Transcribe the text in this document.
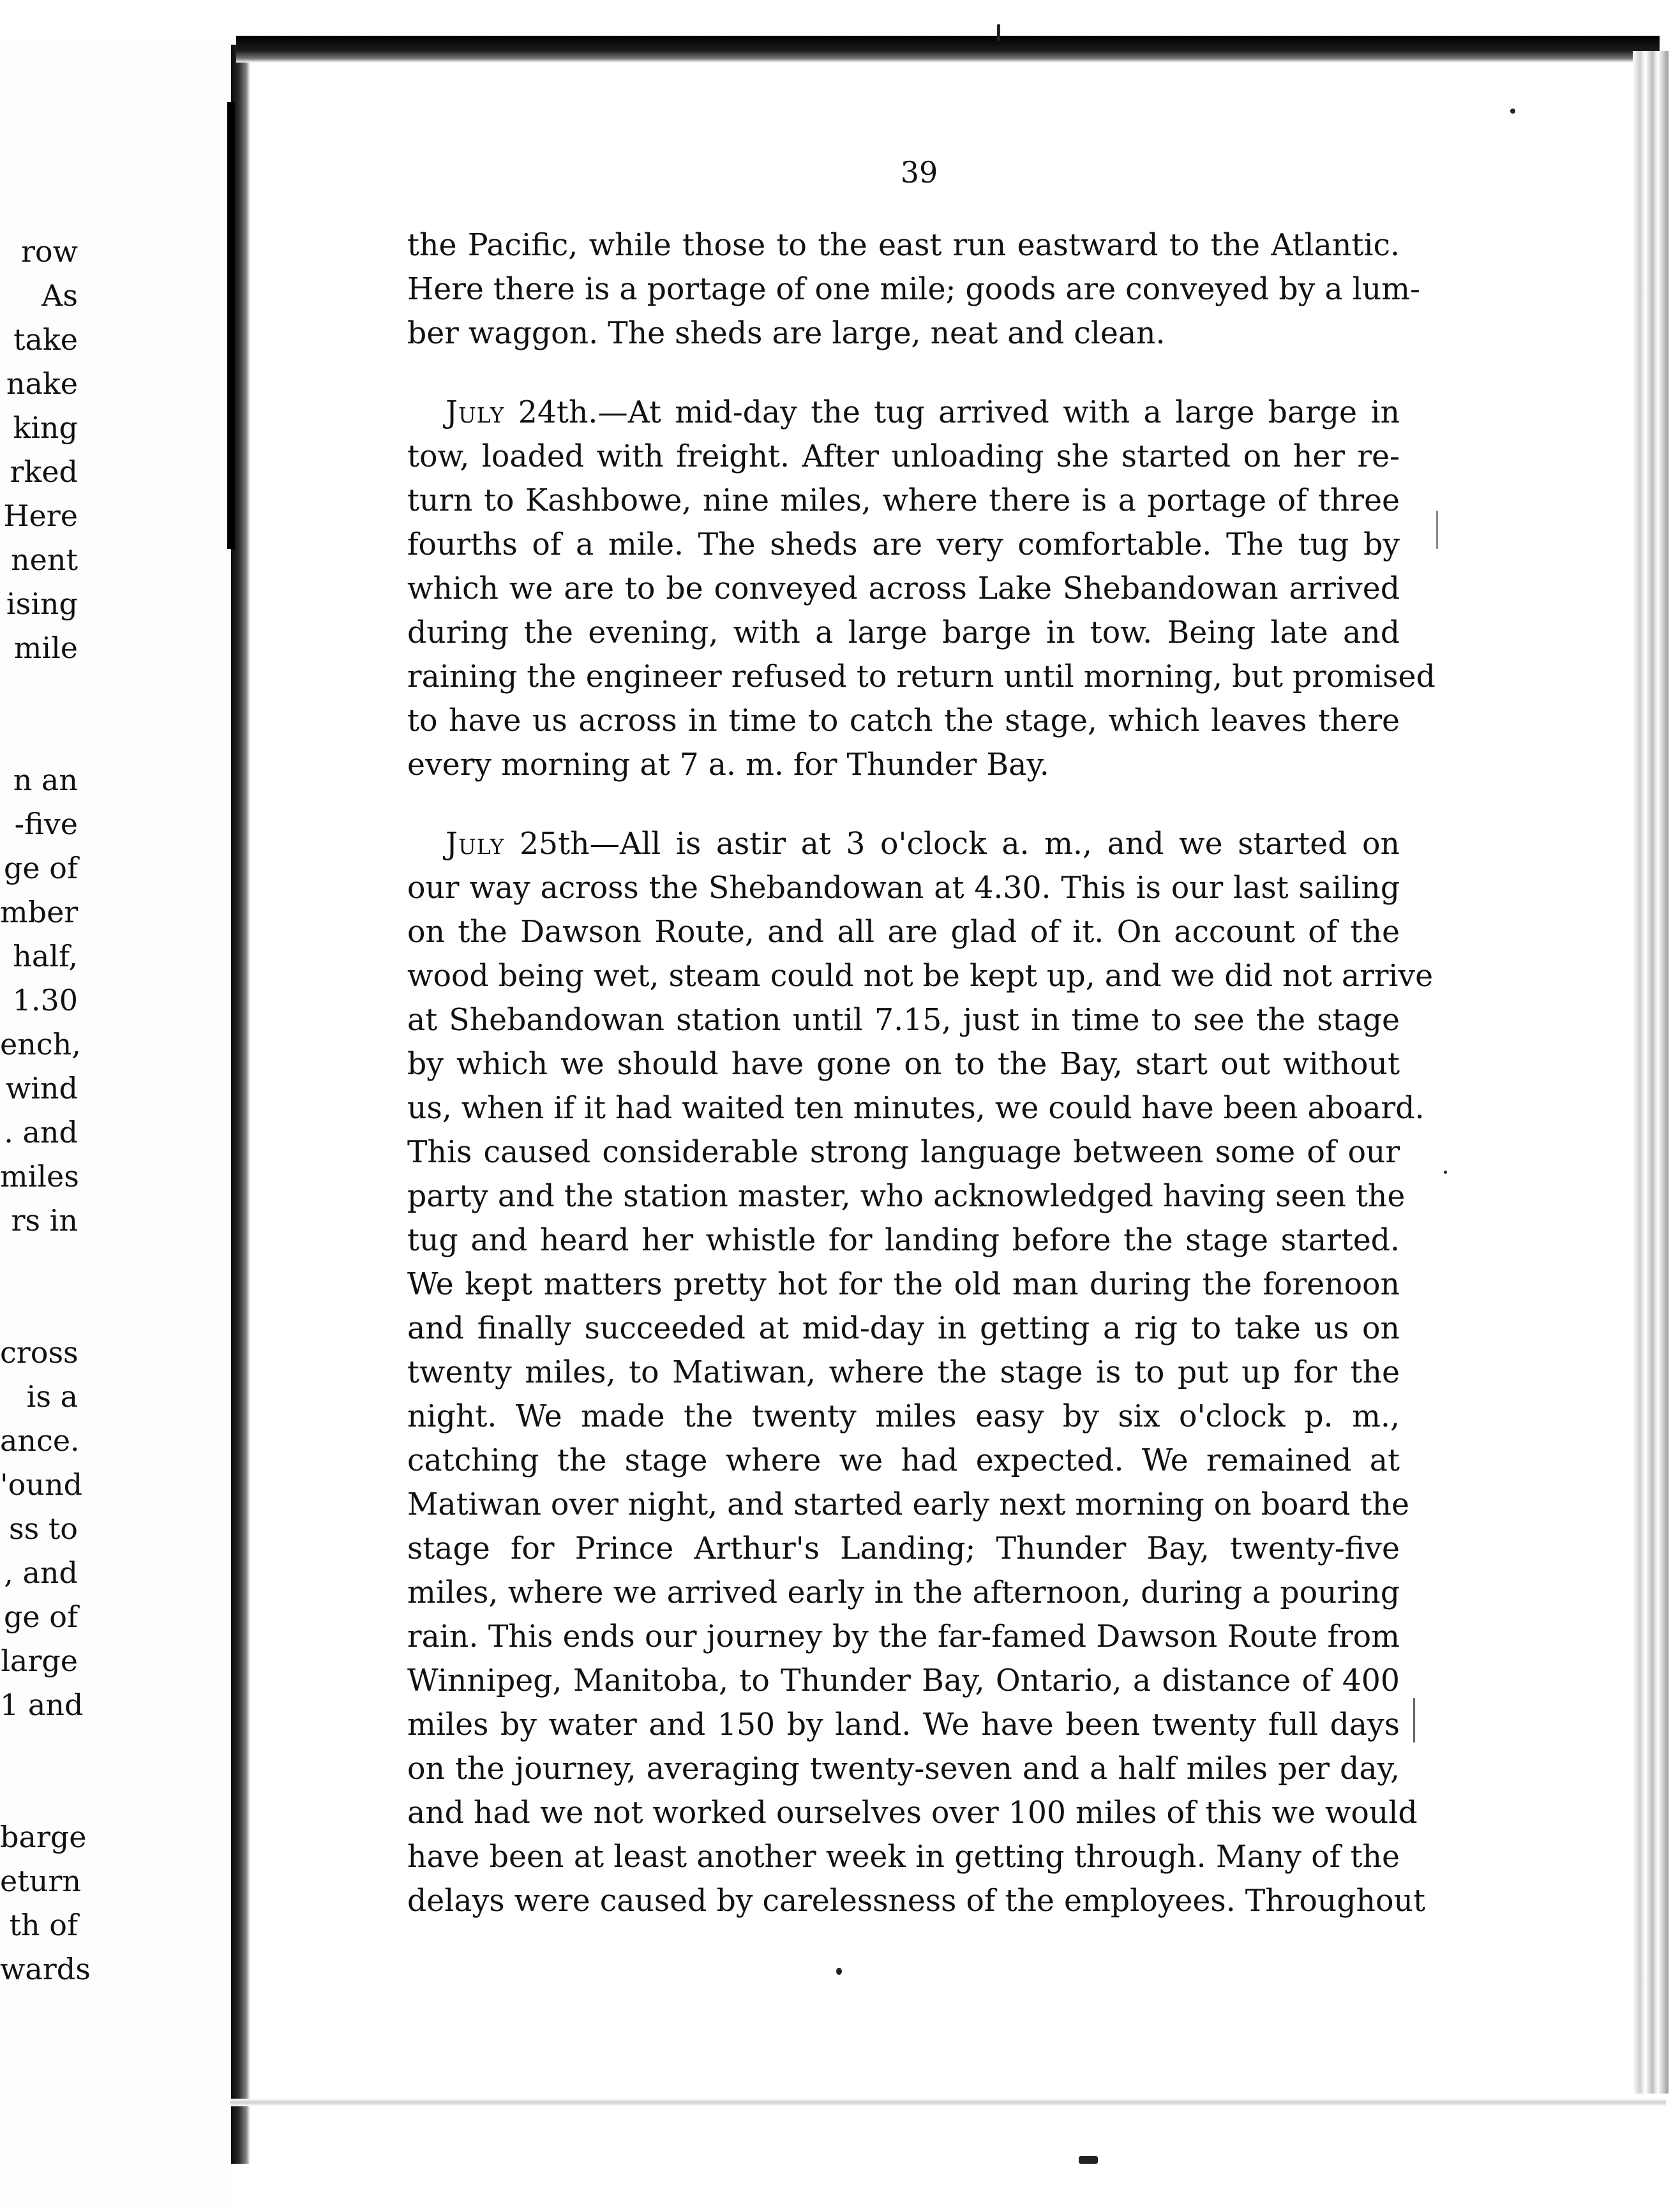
row
As
take
nake
king
rked
Here
nent
ising
mile
n an
-five
ge of
mber
half,
1.30
ench,
wind
. and
miles
rs in
cross
is a
ance.
'ound
ss to
, and
ge of
large
1 and
barge
eturn
th of
wards
39
the Pacific, while those to the east run eastward to the Atlantic.
Here there is a portage of one mile; goods are conveyed by a lum-
ber waggon. The sheds are large, neat and clean.
July 24th.—At mid-day the tug arrived with a large barge in
tow, loaded with freight. After unloading she started on her re-
turn to Kashbowe, nine miles, where there is a portage of three
fourths of a mile. The sheds are very comfortable. The tug by
which we are to be conveyed across Lake Shebandowan arrived
during the evening, with a large barge in tow. Being late and
raining the engineer refused to return until morning, but promised
to have us across in time to catch the stage, which leaves there
every morning at 7 a. m. for Thunder Bay.
July 25th—All is astir at 3 o'clock a. m., and we started on
our way across the Shebandowan at 4.30. This is our last sailing
on the Dawson Route, and all are glad of it. On account of the
wood being wet, steam could not be kept up, and we did not arrive
at Shebandowan station until 7.15, just in time to see the stage
by which we should have gone on to the Bay, start out without
us, when if it had waited ten minutes, we could have been aboard.
This caused considerable strong language between some of our
party and the station master, who acknowledged having seen the
tug and heard her whistle for landing before the stage started.
We kept matters pretty hot for the old man during the forenoon
and finally succeeded at mid-day in getting a rig to take us on
twenty miles, to Matiwan, where the stage is to put up for the
night. We made the twenty miles easy by six o'clock p. m.,
catching the stage where we had expected. We remained at
Matiwan over night, and started early next morning on board the
stage for Prince Arthur's Landing; Thunder Bay, twenty-five
miles, where we arrived early in the afternoon, during a pouring
rain. This ends our journey by the far-famed Dawson Route from
Winnipeg, Manitoba, to Thunder Bay, Ontario, a distance of 400
miles by water and 150 by land. We have been twenty full days
on the journey, averaging twenty-seven and a half miles per day,
and had we not worked ourselves over 100 miles of this we would
have been at least another week in getting through. Many of the
delays were caused by carelessness of the employees. Throughout
